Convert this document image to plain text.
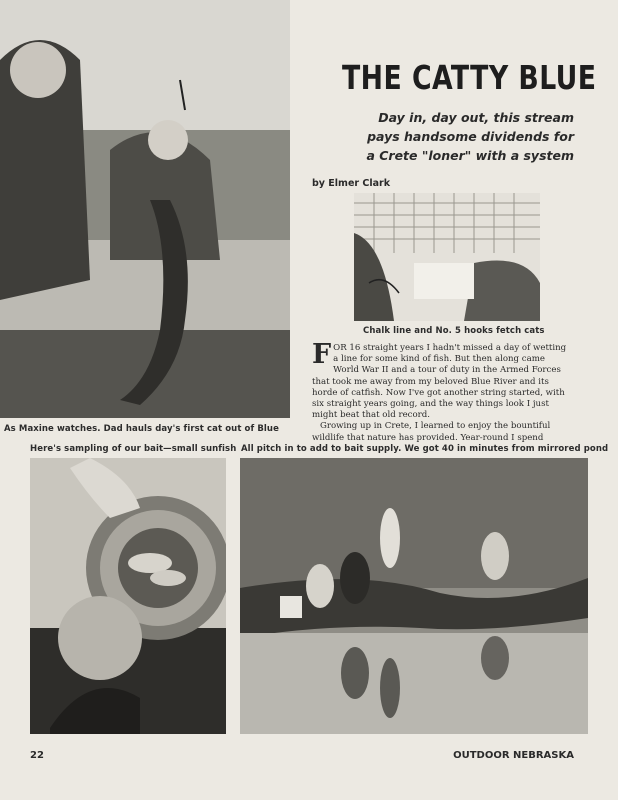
As Maxine watches. Dad hauls day's first cat out of Blue
THE CATTY BLUE
Day in, day out, this stream
pays handsome dividends for
a Crete "loner" with a system
by Elmer Clark
Chalk line and No. 5 hooks fetch cats
F OR 16 straight years I hadn't missed a day of wetting
a line for some kind of fish. But then along came
World War II and a tour of duty in the Armed Forces
that took me away from my beloved Blue River and its
horde of catfish. Now I've got another string started, with
six straight years going, and the way things look I just
might beat that old record.
Growing up in Crete, I learned to enjoy the bountiful
wildlife that nature has provided. Year-round I spend
Here's sampling of our bait—small sunfish All pitch in to add to bait supply. We got 40 in minutes from mirrored pond
22	OUTDOOR NEBRASKA
